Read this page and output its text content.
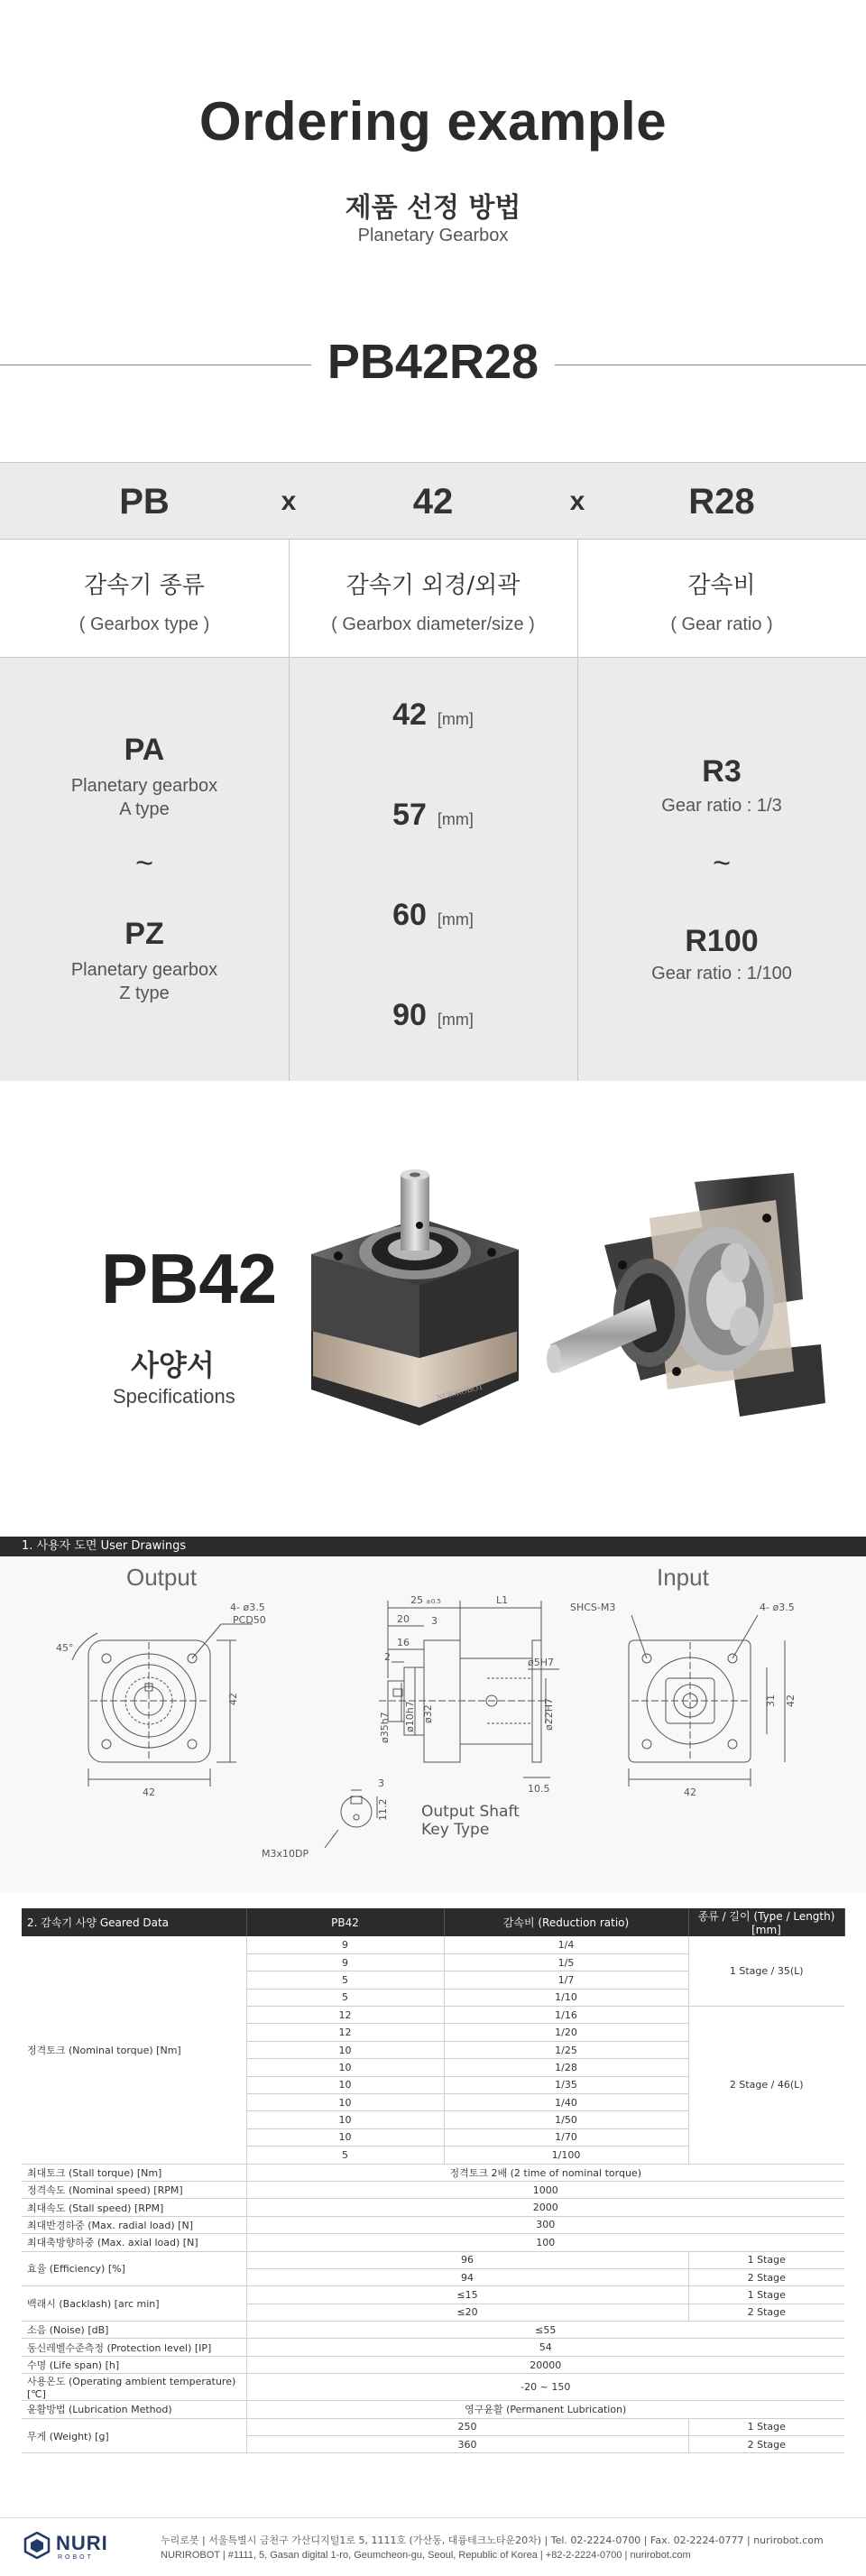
Ordering example
제품 선정 방법
Planetary Gearbox
PB42R28
PB	x	42	x	R28
감속기 종류
( Gearbox type )
감속기 외경/외곽
( Gearbox diameter/size )
감속비
( Gear ratio )
PA
Planetary gearbox
A type
~
PZ
Planetary gearbox
Z type
42 [mm]
57 [mm]
60 [mm]
90 [mm]
R3
Gear ratio : 1/3
~
R100
Gear ratio : 1/100
PB42
사양서
Specifications	NURIROBOT
1. 사용자 도면 User Drawings
Output	Input
4- ø3.5
PCD50
45°
42
42
25 ±0.5	L1
3
20
16
2
ø35h7 ø10h7 ø32
ø5H7
ø22H7
10.5
3
11.2
M3x10DP
Output Shaft
Key Type
SHCS-M3	4- ø3.5
31 42
42
2. 감속기 사양 Geared Data	PB42	감속비 (Reduction ratio)	종류 / 길이 (Type / Length) [mm]
정격토크 (Nominal torque) [Nm]	9	1/4	1 Stage / 35(L)
	9	1/5	
	5	1/7	
	5	1/10	
	12	1/16	2 Stage / 46(L)
	12	1/20	
	10	1/25	
	10	1/28	
	10	1/35	
	10	1/40	
	10	1/50	
	10	1/70	
	5	1/100	
최대토크 (Stall torque) [Nm]	정격토크 2배 (2 time of nominal torque)		
정격속도 (Nominal speed) [RPM]	1000		
최대속도 (Stall speed) [RPM]	2000		
최대반경하중 (Max. radial load) [N]	300		
최대축방향하중 (Max. axial load) [N]	100		
효율 (Efficiency) [%]	96		1 Stage
	94		2 Stage
백래시 (Backlash) [arc min]	≤15		1 Stage
	≤20		2 Stage
소음 (Noise) [dB]	≤55		
동신레벨수준측정 (Protection level) [IP]	54		
수명 (Life span) [h]	20000		
사용온도 (Operating ambient temperature) [℃]	-20 ~ 150		
윤활방법 (Lubrication Method)	영구윤활 (Permanent Lubrication)		
무게 (Weight) [g]	250		1 Stage
	360		2 Stage
NURI
ROBOT
누리로봇 | 서울특별시 금천구 가산디지털1로 5, 1111호 (가산동, 대륭테크노타운20차) | Tel. 02-2224-0700 | Fax. 02-2224-0777 | nurirobot.com
NURIROBOT | #1111, 5, Gasan digital 1-ro, Geumcheon-gu, Seoul, Republic of Korea | +82-2-2224-0700 | nurirobot.com
